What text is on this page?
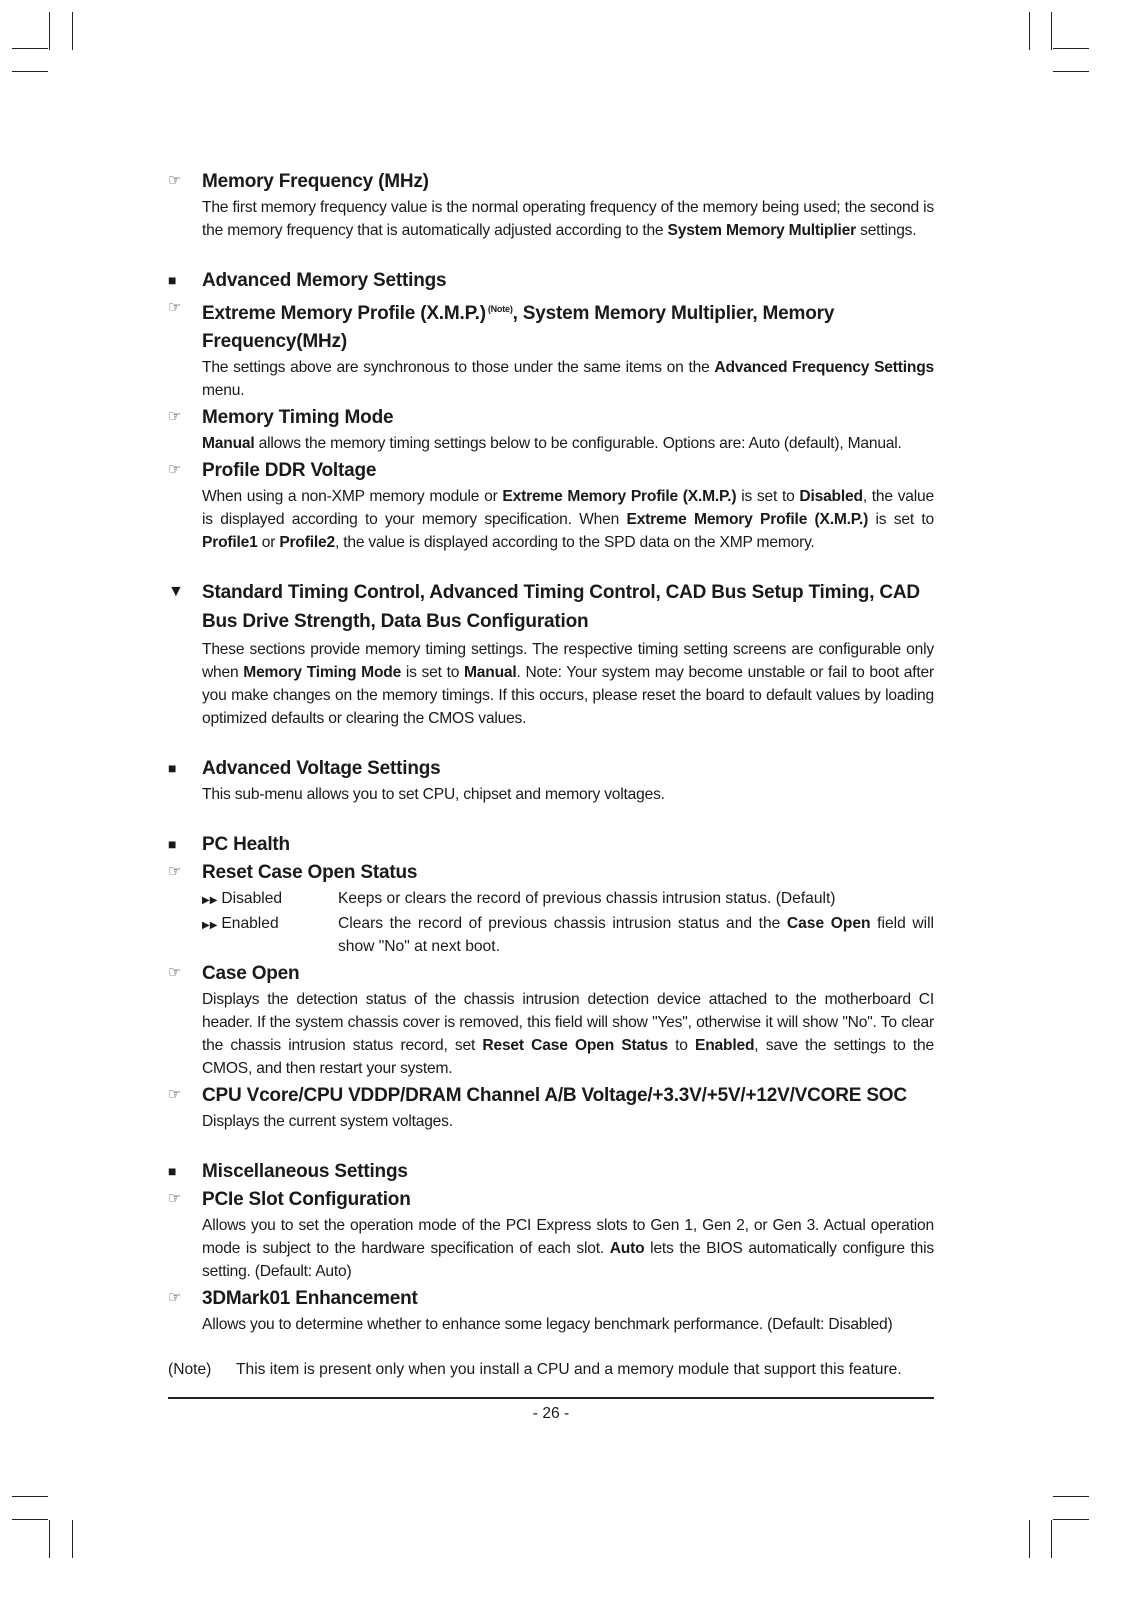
☞	Memory Frequency (MHz)
The first memory frequency value is the normal operating frequency of the memory being used; the second is the memory frequency that is automatically adjusted according to the System Memory Multiplier settings.
■	Advanced Memory Settings
☞	Extreme Memory Profile (X.M.P.) $^{(Note)}$, System Memory Multiplier, Memory Frequency(MHz)
The settings above are synchronous to those under the same items on the Advanced Frequency Settings menu.
☞	Memory Timing Mode
Manual allows the memory timing settings below to be configurable. Options are: Auto (default), Manual.
☞	Profile DDR Voltage
When using a non-XMP memory module or Extreme Memory Profile (X.M.P.) is set to Disabled, the value is displayed according to your memory specification. When Extreme Memory Profile (X.M.P.) is set to Profile1 or Profile2, the value is displayed according to the SPD data on the XMP memory.
▼ Standard Timing Control, Advanced Timing Control, CAD Bus Setup Timing, CAD Bus Drive Strength, Data Bus Configuration
These sections provide memory timing settings. The respective timing setting screens are configurable only when Memory Timing Mode is set to Manual. Note: Your system may become unstable or fail to boot after you make changes on the memory timings. If this occurs, please reset the board to default values by loading optimized defaults or clearing the CMOS values.
■	Advanced Voltage Settings
This sub-menu allows you to set CPU, chipset and memory voltages.
■	PC Health
☞	Reset Case Open Status
▶▶ Disabled	Keeps or clears the record of previous chassis intrusion status. (Default)
▶▶ Enabled	Clears the record of previous chassis intrusion status and the Case Open field will show "No" at next boot.
☞	Case Open
Displays the detection status of the chassis intrusion detection device attached to the motherboard CI header. If the system chassis cover is removed, this field will show "Yes", otherwise it will show "No". To clear the chassis intrusion status record, set Reset Case Open Status to Enabled, save the settings to the CMOS, and then restart your system.
☞	CPU Vcore/CPU VDDP/DRAM Channel A/B Voltage/+3.3V/+5V/+12V/VCORE SOC
Displays the current system voltages.
■	Miscellaneous Settings
☞	PCIe Slot Configuration
Allows you to set the operation mode of the PCI Express slots to Gen 1, Gen 2, or Gen 3. Actual operation mode is subject to the hardware specification of each slot. Auto lets the BIOS automatically configure this setting. (Default: Auto)
☞	3DMark01 Enhancement
Allows you to determine whether to enhance some legacy benchmark performance. (Default: Disabled)
(Note)	This item is present only when you install a CPU and a memory module that support this feature.
- 26 -
